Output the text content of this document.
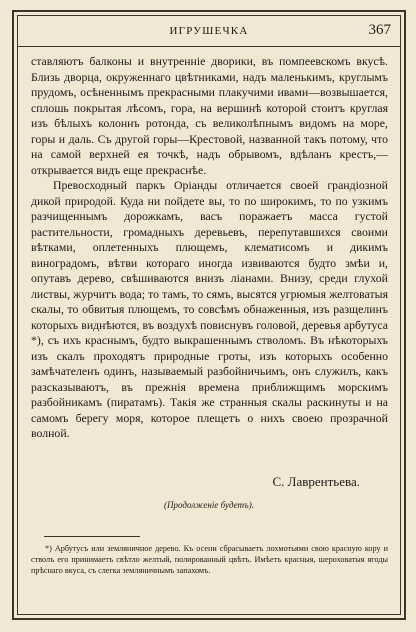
ИГРУШЕЧКА	367

ставляютъ балконы и внутренніе дворики, въ помпеевскомъ вкусѣ. Близь дворца, окруженнаго цвѣтниками, надъ маленькимъ, круглымъ прудомъ, осѣненнымъ прекрасными плакучими ивами—возвышается, сплошь покрытая лѣсомъ, гора, на вершинѣ которой стоитъ круглая изъ бѣлыхъ колоннъ ротонда, съ великолѣпнымъ видомъ на море, горы и даль. Съ другой горы—Крестовой, названной такъ потому, что на самой верхней ея точкѣ, надъ обрывомъ, вдѣланъ крестъ,—открывается видъ еще прекраснѣе.

Превосходный паркъ Оріанды отличается своей грандіозной дикой природой. Куда ни пойдете вы, то по широкимъ, то по узкимъ разчищеннымъ дорожкамъ, васъ поражаетъ масса густой растительности, громадныхъ деревьевъ, перепутавшихся своими вѣтками, оплетенныхъ плющемъ, клематисомъ и дикимъ виноградомъ, вѣтви котораго иногда извиваются будто змѣи и, опутавъ дерево, свѣшиваются внизъ ліанами. Внизу, среди глухой листвы, журчитъ вода; то тамъ, то сямъ, высятся угрюмыя желтоватыя скалы, то обвитыя плющемъ, то совсѣмъ обнаженныя, изъ разщелинъ которыхъ виднѣются, въ воздухѣ повиснувъ головой, деревья арбутуса *), съ ихъ краснымъ, будто выкрашеннымъ стволомъ. Въ нѣкоторыхъ изъ скалъ проходятъ природные гроты, изъ которыхъ особенно замѣчателенъ одинъ, называемый разбойничьимъ, онъ служилъ, какъ разсказываютъ, въ прежнія времена приближщимъ морскимъ разбойникамъ (пиратамъ). Такія же странныя скалы раскинуты и на самомъ берегу моря, которое плещетъ о нихъ своею прозрачной волной.

С. Лаврентьева.
(Продолженіе будетъ).

*) Арбутусъ или земляничное дерево. Къ осени сбрасываетъ лохмотьями свою красную кору и стволъ его принимаетъ свѣтло желтый, полированный цвѣтъ. Имѣетъ красныя, шероховатыя ягоды прѣснаго вкуса, съ слегка земляничнымъ запахомъ.
